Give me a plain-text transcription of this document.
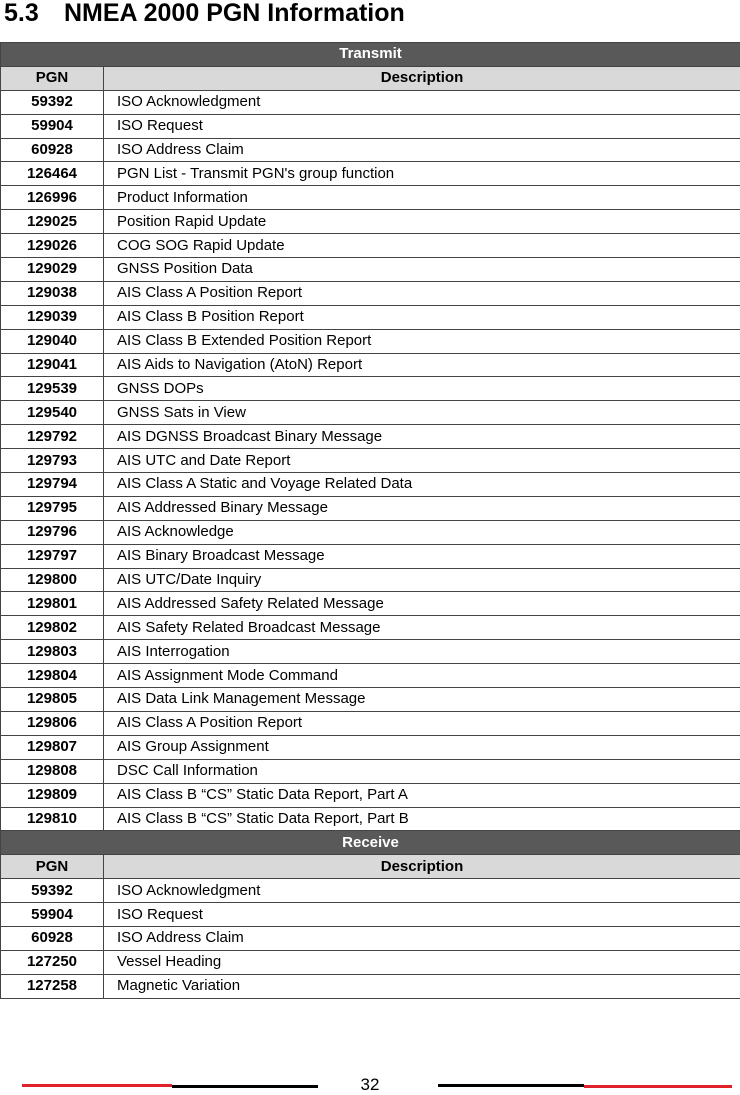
5.3 NMEA 2000 PGN Information
Transmit	
PGN	Description
59392	ISO Acknowledgment
59904	ISO Request
60928	ISO Address Claim
126464	PGN List - Transmit PGN's group function
126996	Product Information
129025	Position Rapid Update
129026	COG SOG Rapid Update
129029	GNSS Position Data
129038	AIS Class A Position Report
129039	AIS Class B Position Report
129040	AIS Class B Extended Position Report
129041	AIS Aids to Navigation (AtoN) Report
129539	GNSS DOPs
129540	GNSS Sats in View
129792	AIS DGNSS Broadcast Binary Message
129793	AIS UTC and Date Report
129794	AIS Class A Static and Voyage Related Data
129795	AIS Addressed Binary Message
129796	AIS Acknowledge
129797	AIS Binary Broadcast Message
129800	AIS UTC/Date Inquiry
129801	AIS Addressed Safety Related Message
129802	AIS Safety Related Broadcast Message
129803	AIS Interrogation
129804	AIS Assignment Mode Command
129805	AIS Data Link Management Message
129806	AIS Class A Position Report
129807	AIS Group Assignment
129808	DSC Call Information
129809	AIS Class B “CS” Static Data Report, Part A
129810	AIS Class B “CS” Static Data Report, Part B
Receive	
PGN	Description
59392	ISO Acknowledgment
59904	ISO Request
60928	ISO Address Claim
127250	Vessel Heading
127258	Magnetic Variation
32
